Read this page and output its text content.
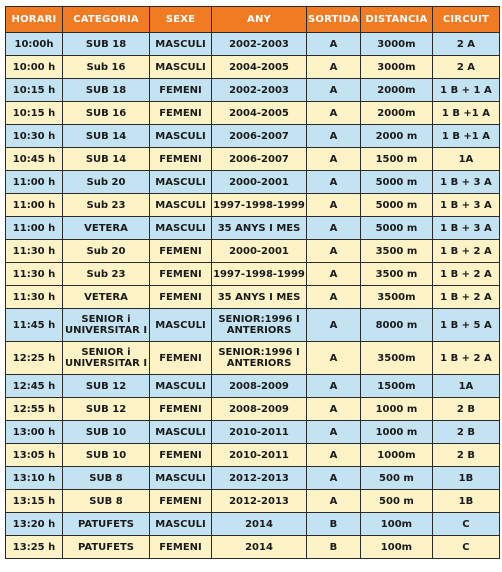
HORARI	CATEGORIA	SEXE	ANY	SORTIDA	DISTANCIA	CIRCUIT
10:00h	SUB 18	MASCULI	2002-2003	A	3000m	2 A
10:00 h	Sub 16	MASCULI	2004-2005	A	3000m	2 A
10:15 h	SUB 18	FEMENI	2002-2003	A	2000m	1 B + 1 A
10:15 h	SUB 16	FEMENI	2004-2005	A	2000m	1 B +1 A
10:30 h	SUB 14	MASCULI	2006-2007	A	2000 m	1 B +1 A
10:45 h	SUB 14	FEMENI	2006-2007	A	1500 m	1A
11:00 h	Sub 20	MASCULI	2000-2001	A	5000 m	1 B + 3 A
11:00 h	Sub 23	MASCULI	1997-1998-1999	A	5000 m	1 B + 3 A
11:00 h	VETERA	MASCULI	35 ANYS I MES	A	5000 m	1 B + 3 A
11:30 h	Sub 20	FEMENI	2000-2001	A	3500 m	1 B + 2 A
11:30 h	Sub 23	FEMENI	1997-1998-1999	A	3500 m	1 B + 2 A
11:30 h	VETERA	FEMENI	35 ANYS I MES	A	3500m	1 B + 2 A
11:45 h	SENIOR i UNIVERSITAR I	MASCULI	SENIOR:1996 I ANTERIORS	A	8000 m	1 B + 5 A
12:25 h	SENIOR i UNIVERSITAR I	FEMENI	SENIOR:1996 I ANTERIORS	A	3500m	1 B + 2 A
12:45 h	SUB 12	MASCULI	2008-2009	A	1500m	1A
12:55 h	SUB 12	FEMENI	2008-2009	A	1000 m	2 B
13:00 h	SUB 10	MASCULI	2010-2011	A	1000 m	2 B
13:05 h	SUB 10	FEMENI	2010-2011	A	1000m	2 B
13:10 h	SUB 8	MASCULI	2012-2013	A	500 m	1B
13:15 h	SUB 8	FEMENI	2012-2013	A	500 m	1B
13:20 h	PATUFETS	MASCULI	2014	B	100m	C
13:25 h	PATUFETS	FEMENI	2014	B	100m	C
